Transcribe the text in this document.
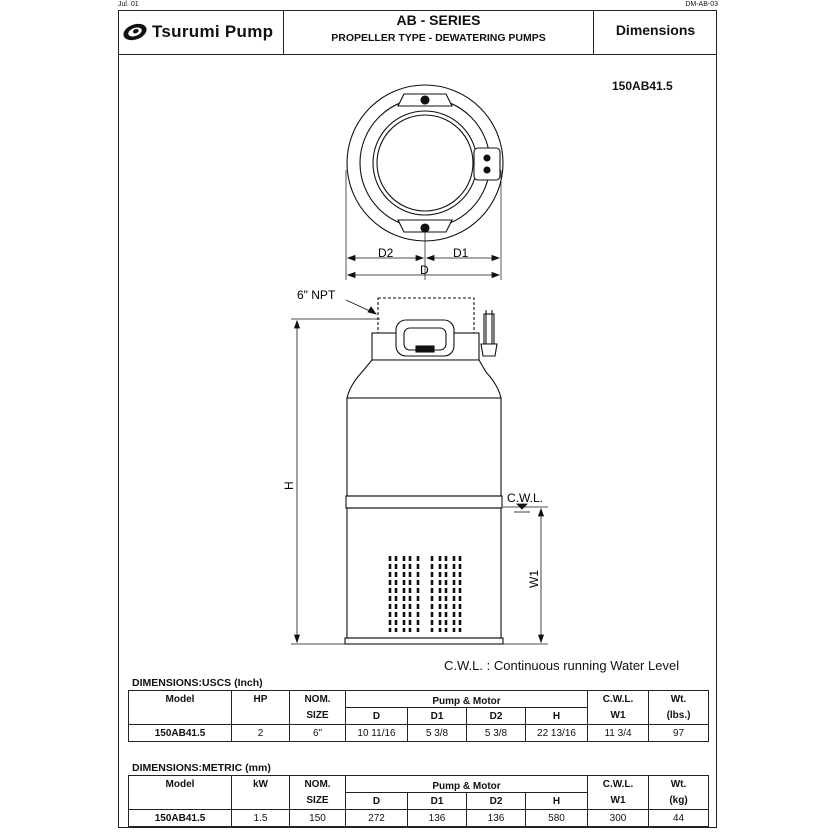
Jul. 01	DM-AB-03
Tsurumi Pump
AB - SERIES
PROPELLER TYPE - DEWATERING PUMPS	Dimensions
150AB41.5
D2	D1
D
6" NPT
H
C.W.L.
W1
C.W.L. : Continuous running Water Level
DIMENSIONS:USCS (Inch)
Model	HP	NOM.	Pump & Motor				C.W.L.	Wt.
		SIZE	D	D1	D2	H	W1	(lbs.)
150AB41.5	2	6"	10 11/16	5 3/8	5 3/8	22 13/16	11 3/4	97
DIMENSIONS:METRIC (mm)
Model	kW	NOM.	Pump & Motor				C.W.L.	Wt.
		SIZE	D	D1	D2	H	W1	(kg)
150AB41.5	1.5	150	272	136	136	580	300	44
